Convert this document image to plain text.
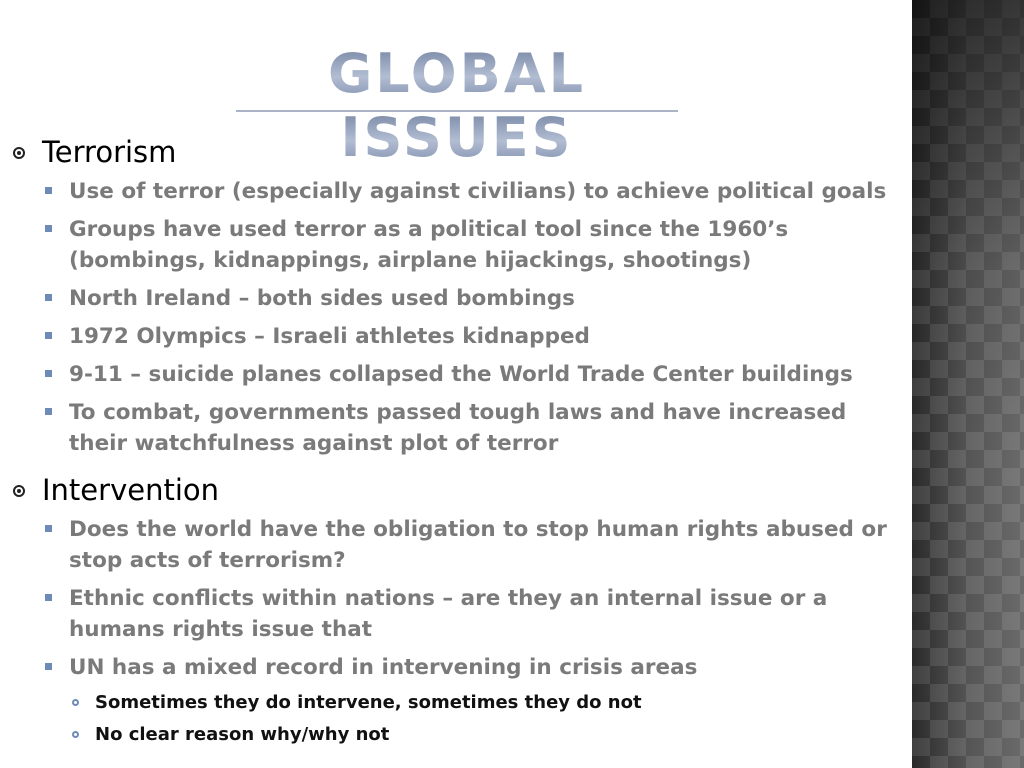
GLOBAL ISSUES
Terrorism
Use of terror (especially against civilians) to achieve political goals
Groups have used terror as a political tool since the 1960’s (bombings, kidnappings, airplane hijackings, shootings)
North Ireland – both sides used bombings
1972 Olympics – Israeli athletes kidnapped
9-11 – suicide planes collapsed the World Trade Center buildings
To combat, governments passed tough laws and have increased their watchfulness against plot of terror
Intervention
Does the world have the obligation to stop human rights abused or stop acts of terrorism?
Ethnic conflicts within nations – are they an internal issue or a humans rights issue that
UN has a mixed record in intervening in crisis areas
Sometimes they do intervene, sometimes they do not
No clear reason why/why not
